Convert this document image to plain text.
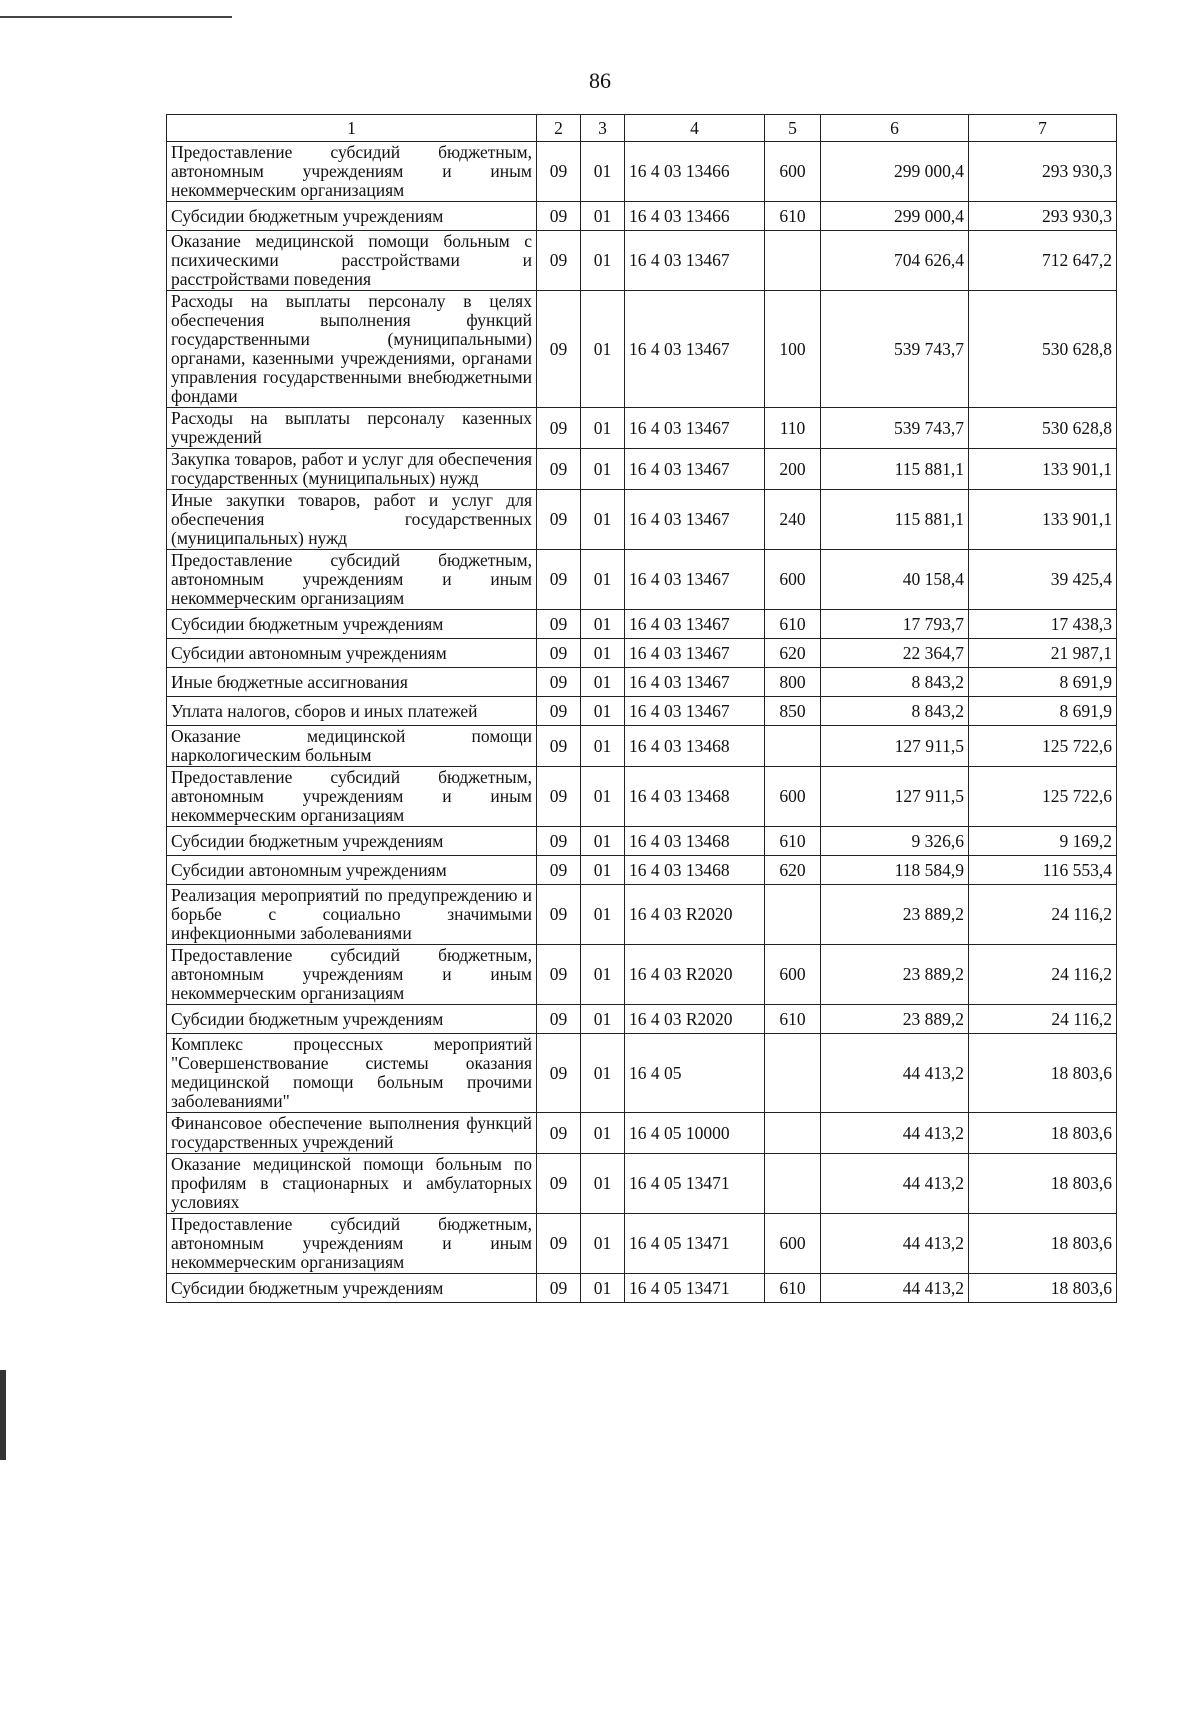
86
1	2	3	4	5	6	7
Предоставление субсидий бюджетным, автономным учреждениям и иным некоммерческим организациям	09	01	16 4 03 13466	600	299 000,4	293 930,3
Субсидии бюджетным учреждениям	09	01	16 4 03 13466	610	299 000,4	293 930,3
Оказание медицинской помощи больным с психическими расстройствами и расстройствами поведения	09	01	16 4 03 13467		704 626,4	712 647,2
Расходы на выплаты персоналу в целях обеспечения выполнения функций государственными (муниципальными) органами, казенными учреждениями, органами управления государственными внебюджетными фондами	09	01	16 4 03 13467	100	539 743,7	530 628,8
Расходы на выплаты персоналу казенных учреждений	09	01	16 4 03 13467	110	539 743,7	530 628,8
Закупка товаров, работ и услуг для обеспечения государственных (муниципальных) нужд	09	01	16 4 03 13467	200	115 881,1	133 901,1
Иные закупки товаров, работ и услуг для обеспечения государственных (муниципальных) нужд	09	01	16 4 03 13467	240	115 881,1	133 901,1
Предоставление субсидий бюджетным, автономным учреждениям и иным некоммерческим организациям	09	01	16 4 03 13467	600	40 158,4	39 425,4
Субсидии бюджетным учреждениям	09	01	16 4 03 13467	610	17 793,7	17 438,3
Субсидии автономным учреждениям	09	01	16 4 03 13467	620	22 364,7	21 987,1
Иные бюджетные ассигнования	09	01	16 4 03 13467	800	8 843,2	8 691,9
Уплата налогов, сборов и иных платежей	09	01	16 4 03 13467	850	8 843,2	8 691,9
Оказание медицинской помощи наркологическим больным	09	01	16 4 03 13468		127 911,5	125 722,6
Предоставление субсидий бюджетным, автономным учреждениям и иным некоммерческим организациям	09	01	16 4 03 13468	600	127 911,5	125 722,6
Субсидии бюджетным учреждениям	09	01	16 4 03 13468	610	9 326,6	9 169,2
Субсидии автономным учреждениям	09	01	16 4 03 13468	620	118 584,9	116 553,4
Реализация мероприятий по предупреждению и борьбе с социально значимыми инфекционными заболеваниями	09	01	16 4 03 R2020		23 889,2	24 116,2
Предоставление субсидий бюджетным, автономным учреждениям и иным некоммерческим организациям	09	01	16 4 03 R2020	600	23 889,2	24 116,2
Субсидии бюджетным учреждениям	09	01	16 4 03 R2020	610	23 889,2	24 116,2
Комплекс процессных мероприятий "Совершенствование системы оказания медицинской помощи больным прочими заболеваниями"	09	01	16 4 05		44 413,2	18 803,6
Финансовое обеспечение выполнения функций государственных учреждений	09	01	16 4 05 10000		44 413,2	18 803,6
Оказание медицинской помощи больным по профилям в стационарных и амбулаторных условиях	09	01	16 4 05 13471		44 413,2	18 803,6
Предоставление субсидий бюджетным, автономным учреждениям и иным некоммерческим организациям	09	01	16 4 05 13471	600	44 413,2	18 803,6
Субсидии бюджетным учреждениям	09	01	16 4 05 13471	610	44 413,2	18 803,6
